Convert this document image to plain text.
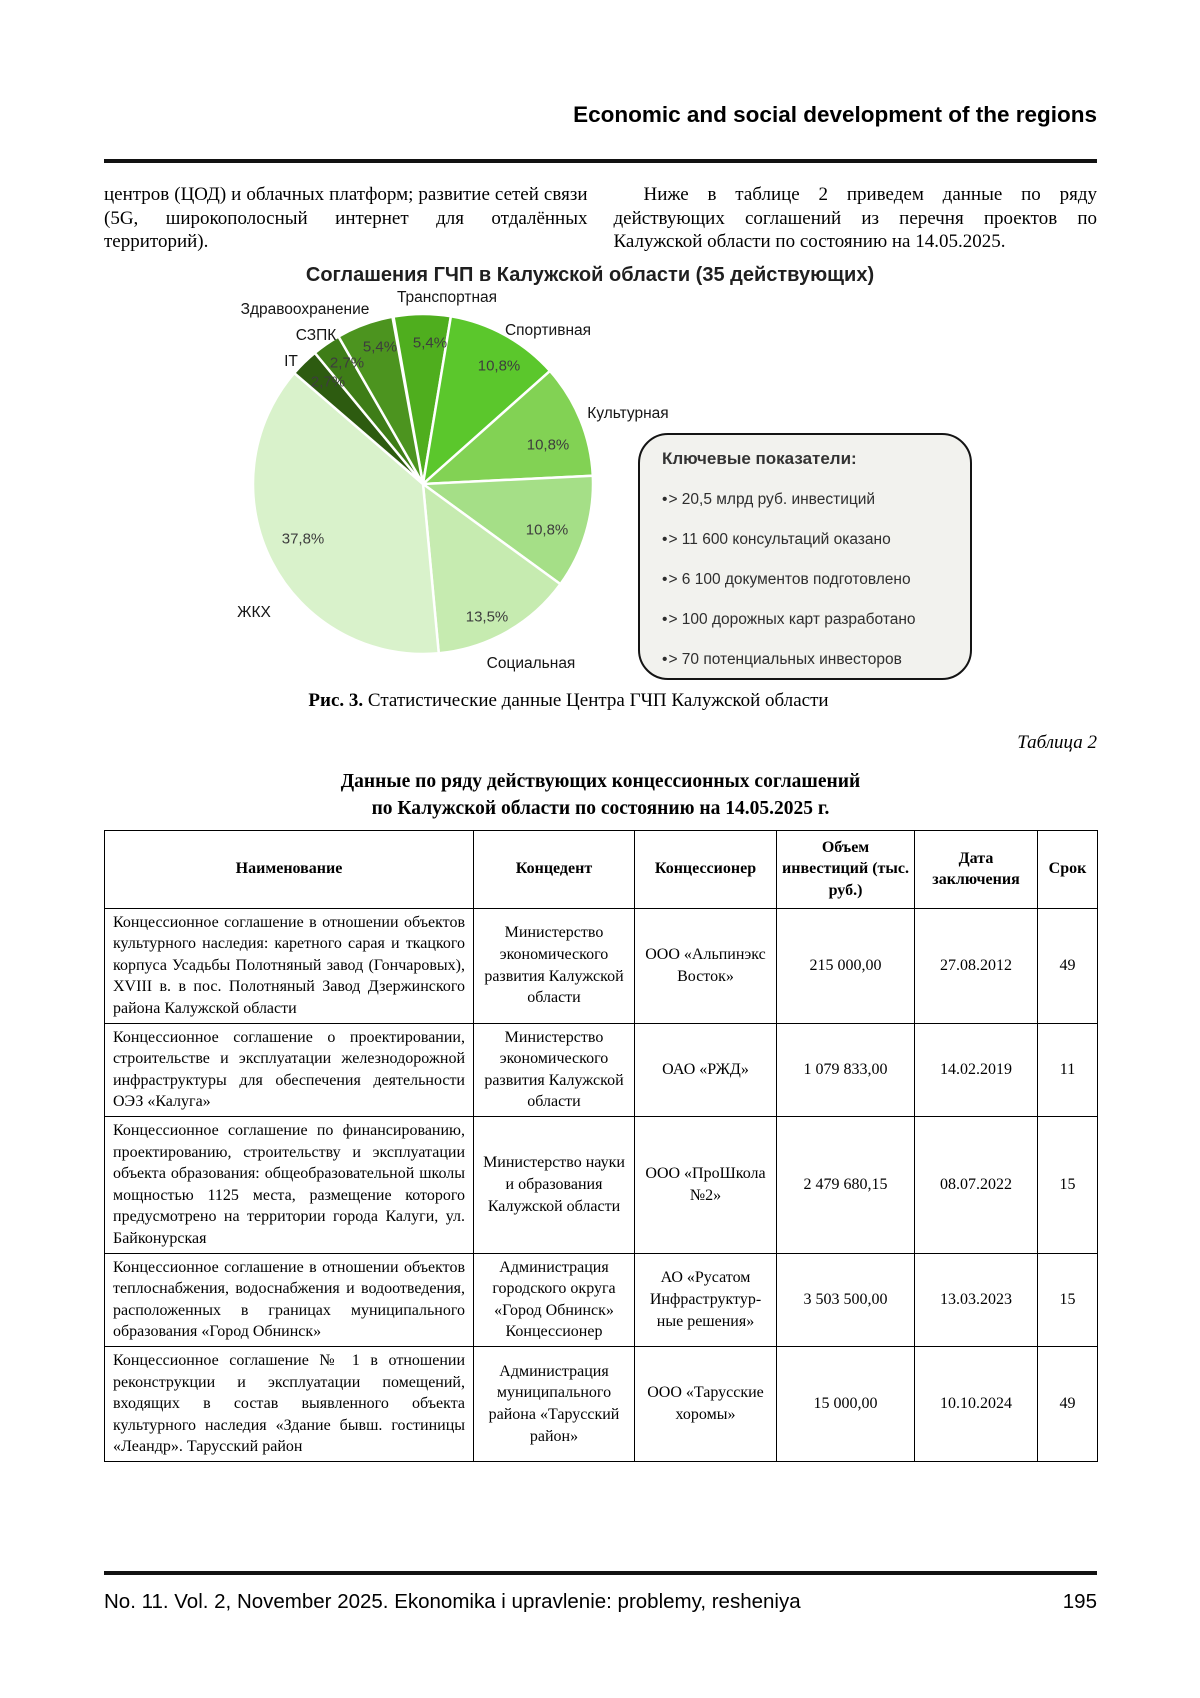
Economic and social development of the regions

центров (ЦОД) и облачных платформ; развитие сетей связи (5G, широкополосный интернет для отдалённых территорий).

Ниже в таблице 2 приведем данные по ряду действующих соглашений из перечня проектов по Калужской области по состоянию на 14.05.2025.

Соглашения ГЧП в Калужской области (35 действующих)
Транспортная
Спортивная
Культурная
Социальная
ЖКХ
IT
СЗПК
Здравоохранение
5,4%
10,8%
10,8%
10,8%
13,5%
37,8%
2,7%
2,7%
5,4%
Ключевые показатели:
•> 20,5 млрд руб. инвестиций
•> 11 600 консультаций оказано
•> 6 100 документов подготовлено
•> 100 дорожных карт разработано
•> 70 потенциальных инвесторов

Рис. 3. Статистические данные Центра ГЧП Калужской области

Таблица 2

Данные по ряду действующих концессионных соглашений
по Калужской области по состоянию на 14.05.2025 г.

Наименование	Концедент	Концессионер	Объем инвестиций (тыс. руб.)	Дата заключения	Срок
Концессионное соглашение в отношении объектов культурного наследия: каретного сарая и ткацкого корпуса Усадьбы Полотняный завод (Гончаровых), XVIII в. в пос. Полотняный Завод Дзержинского района Калужской области	Министерство экономического развития Калужской области	ООО «Альпинэкс Восток»	215 000,00	27.08.2012	49
Концессионное соглашение о проектировании, строительстве и эксплуатации железнодорожной инфраструктуры для обеспечения деятельности ОЭЗ «Калуга»	Министерство экономического развития Калужской области	ОАО «РЖД»	1 079 833,00	14.02.2019	11
Концессионное соглашение по финансированию, проектированию, строительству и эксплуатации объекта образования: общеобразовательной школы мощностью 1125 места, размещение которого предусмотрено на территории города Калуги, ул. Байконурская	Министерство науки и образования Калужской области	ООО «ПроШкола №2»	2 479 680,15	08.07.2022	15
Концессионное соглашение в отношении объектов теплоснабжения, водоснабжения и водоотведения, расположенных в границах муниципального образования «Город Обнинск»	Администрация городского округа «Город Обнинск» Концессионер	АО «Русатом Инфраструктурные решения»	3 503 500,00	13.03.2023	15
Концессионное соглашение № 1 в отношении реконструкции и эксплуатации помещений, входящих в состав выявленного объекта культурного наследия «Здание бывш. гостиницы «Леандр». Тарусский район	Администрация муниципального района «Тарусский район»	ООО «Тарусские хоромы»	15 000,00	10.10.2024	49
No. 11. Vol. 2, November 2025. Ekonomika i upravlenie: problemy, resheniya	195
